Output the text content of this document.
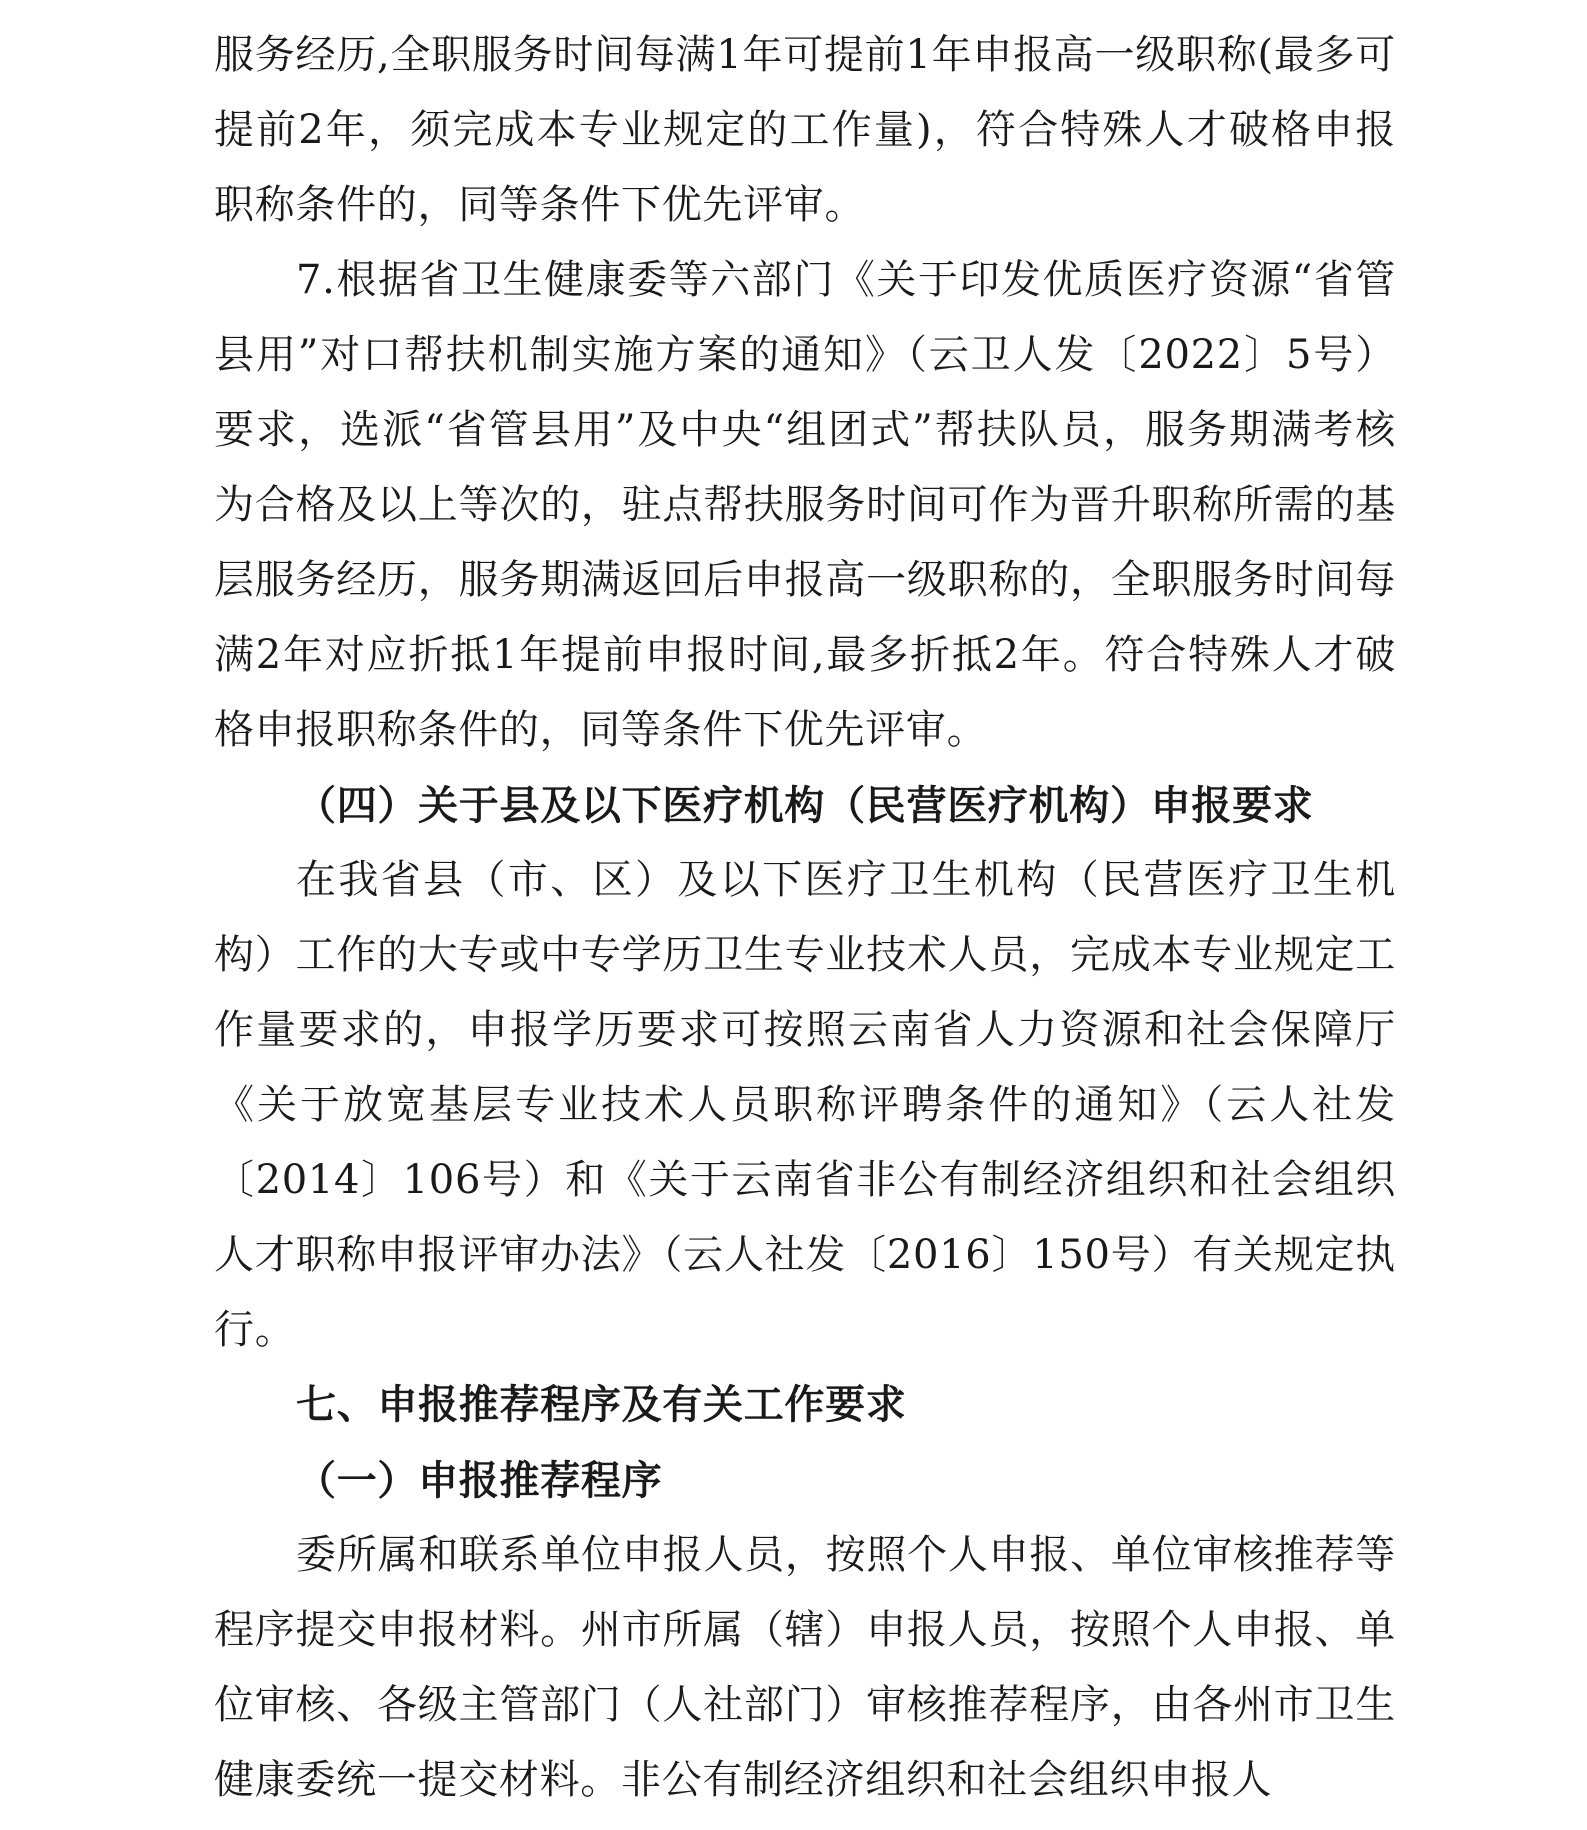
服务经历,全职服务时间每满1年可提前1年申报高一级职称(最多可提前2年，须完成本专业规定的工作量)，符合特殊人才破格申报职称条件的，同等条件下优先评审。

7.根据省卫生健康委等六部门《关于印发优质医疗资源“省管县用”对口帮扶机制实施方案的通知》（云卫人发〔2022〕5号）要求，选派“省管县用”及中央“组团式”帮扶队员，服务期满考核为合格及以上等次的，驻点帮扶服务时间可作为晋升职称所需的基层服务经历，服务期满返回后申报高一级职称的，全职服务时间每满2年对应折抵1年提前申报时间,最多折抵2年。符合特殊人才破格申报职称条件的，同等条件下优先评审。

（四）关于县及以下医疗机构（民营医疗机构）申报要求

在我省县（市、区）及以下医疗卫生机构（民营医疗卫生机构）工作的大专或中专学历卫生专业技术人员，完成本专业规定工作量要求的，申报学历要求可按照云南省人力资源和社会保障厅《关于放宽基层专业技术人员职称评聘条件的通知》（云人社发〔2014〕106号）和《关于云南省非公有制经济组织和社会组织人才职称申报评审办法》（云人社发〔2016〕150号）有关规定执行。

七、申报推荐程序及有关工作要求

（一）申报推荐程序

委所属和联系单位申报人员，按照个人申报、单位审核推荐等程序提交申报材料。州市所属（辖）申报人员，按照个人申报、单位审核、各级主管部门（人社部门）审核推荐程序，由各州市卫生健康委统一提交材料。非公有制经济组织和社会组织申报人
